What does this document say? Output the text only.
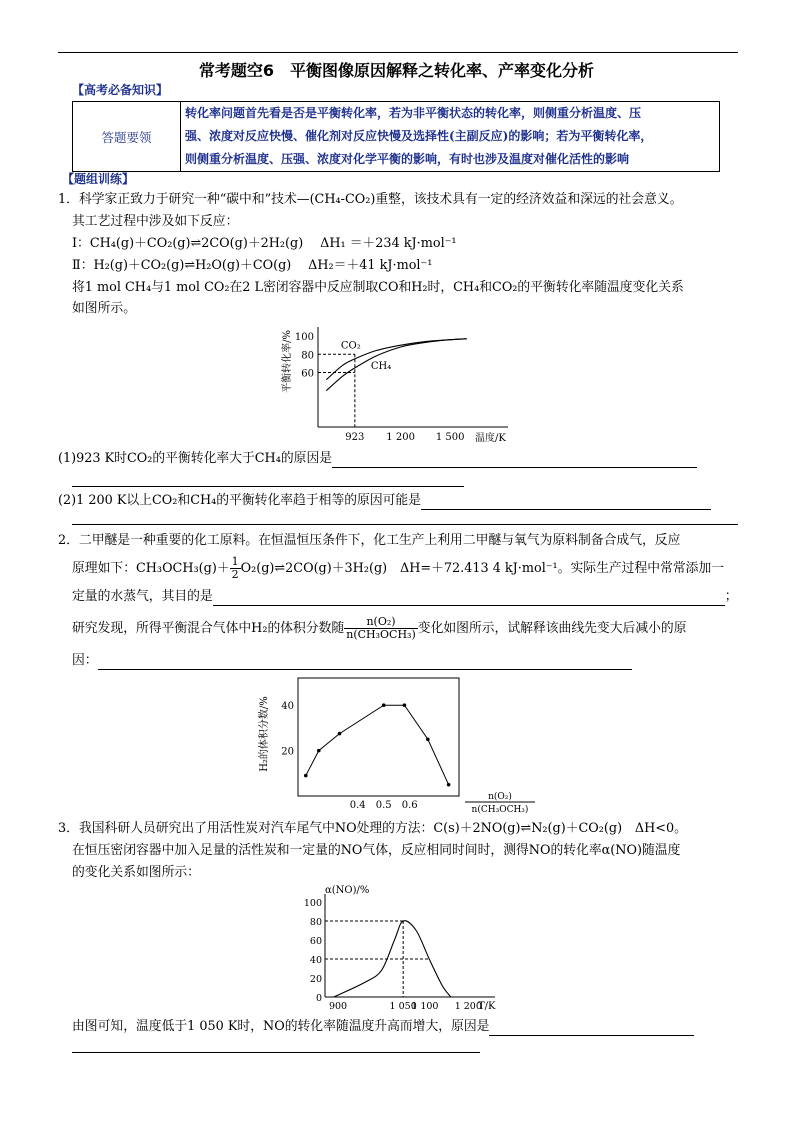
常考题空6　平衡图像原因解释之转化率、产率变化分析
【高考必备知识】
答题要领	
转化率问题首先看是否是平衡转化率，若为非平衡状态的转化率，则侧重分析温度、压
强、浓度对反应快慢、催化剂对反应快慢及选择性(主副反应)的影响；若为平衡转化率，
则侧重分析温度、压强、浓度对化学平衡的影响，有时也涉及温度对催化活性的影响
【题组训练】
1．科学家正致力于研究一种“碳中和”技术—(CH₄-CO₂)重整，该技术具有一定的经济效益和深远的社会意义。
其工艺过程中涉及如下反应：
Ⅰ：CH₄(g)＋CO₂(g)⇌2CO(g)＋2H₂(g)　 ΔH₁ ＝＋234 kJ·mol⁻¹
Ⅱ：H₂(g)＋CO₂(g)⇌H₂O(g)＋CO(g)　 ΔH₂＝＋41 kJ·mol⁻¹
将1 mol CH₄与1 mol CO₂在2 L密闭容器中反应制取CO和H₂时，CH₄和CO₂的平衡转化率随温度变化关系
如图所示。
平衡转化率/% 100
80
60
923 1 200 1 500 温度/K
CO₂
CH₄
(1)923 K时CO₂的平衡转化率大于CH₄的原因是
(2)1 200 K以上CO₂和CH₄的平衡转化率趋于相等的原因可能是
2．二甲醚是一种重要的化工原料。在恒温恒压条件下，化工生产上利用二甲醚与氧气为原料制备合成气，反应
原理如下：$CH_3OCH_3(g)+ \frac{1}{2}$ O₂(g)⇌2CO(g)＋3H₂(g)　ΔH=＋72.413 4 kJ·mol⁻¹。实际生产过程中常常添加一
定量的水蒸气，其目的是	；
研究发现，所得平衡混合气体中H₂的体积分数随 $\frac{\text{n(O₂)}}{\text{n(CH₃OCH₃)}}$ 变化如图所示，试解释该曲线先变大后减小的原
因：
H₂的体积分数/% 40
20
0.4 0.5 0.6
n(O₂)
n(CH₃OCH₃)
3．我国科研人员研究出了用活性炭对汽车尾气中NO处理的方法：C(s)＋2NO(g)⇌N₂(g)＋CO₂(g)　ΔH<0。
在恒压密闭容器中加入足量的活性炭和一定量的NO气体，反应相同时间时，测得NO的转化率α(NO)随温度
的变化关系如图所示：
α(NO)/%
100
80
60
40
20
0
900	1 050
1 100 1 200
T/K
由图可知，温度低于1 050 K时，NO的转化率随温度升高而增大，原因是
